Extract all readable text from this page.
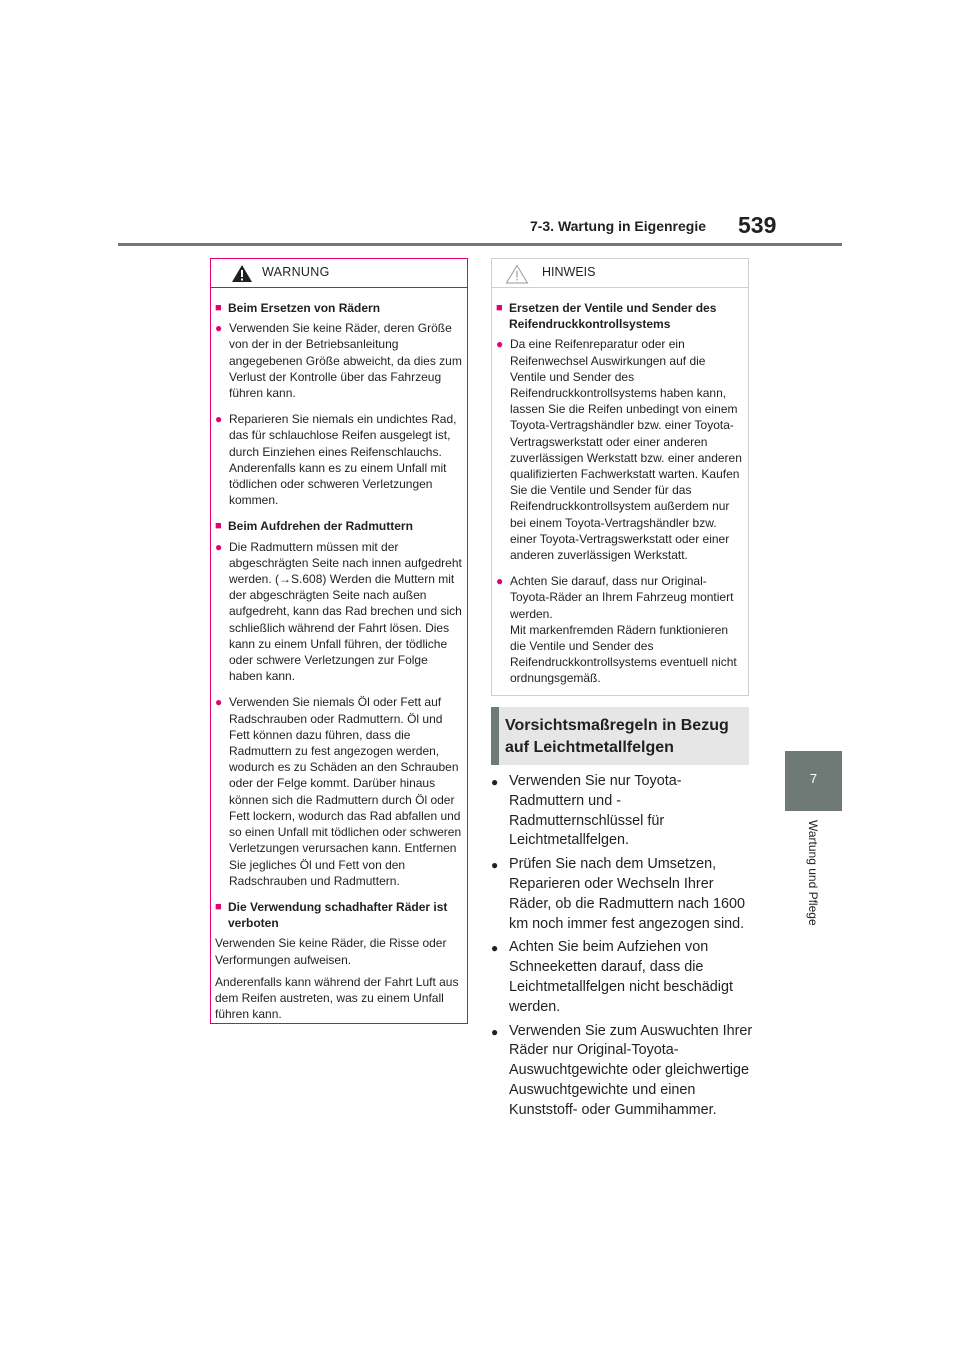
7-3. Wartung in Eigenregie 539
7
Wartung und Pflege
WARNUNG
■ Beim Ersetzen von Rädern
● Verwenden Sie keine Räder, deren Größe von der in der Betriebsanleitung angegebenen Größe abweicht, da dies zum Verlust der Kontrolle über das Fahrzeug führen kann.
● Reparieren Sie niemals ein undichtes Rad, das für schlauchlose Reifen ausgelegt ist, durch Einziehen eines Reifenschlauchs. Anderenfalls kann es zu einem Unfall mit tödlichen oder schweren Verletzungen kommen.
■ Beim Aufdrehen der Radmuttern
● Die Radmuttern müssen mit der abgeschrägten Seite nach innen aufgedreht werden. (→S.608) Werden die Muttern mit der abgeschrägten Seite nach außen aufgedreht, kann das Rad brechen und sich schließlich während der Fahrt lösen. Dies kann zu einem Unfall führen, der tödliche oder schwere Verletzungen zur Folge haben kann.
● Verwenden Sie niemals Öl oder Fett auf Radschrauben oder Radmuttern. Öl und Fett können dazu führen, dass die Radmuttern zu fest angezogen werden, wodurch es zu Schäden an den Schrauben oder der Felge kommt. Darüber hinaus können sich die Radmuttern durch Öl oder Fett lockern, wodurch das Rad abfallen und so einen Unfall mit tödlichen oder schweren Verletzungen verursachen kann. Entfernen Sie jegliches Öl und Fett von den Radschrauben und Radmuttern.
■ Die Verwendung schadhafter Räder ist verboten

Verwenden Sie keine Räder, die Risse oder Verformungen aufweisen.

Anderenfalls kann während der Fahrt Luft aus dem Reifen austreten, was zu einem Unfall führen kann.

HINWEIS
■ Ersetzen der Ventile und Sender des Reifendruckkontrollsystems
● Da eine Reifenreparatur oder ein Reifenwechsel Auswirkungen auf die Ventile und Sender des Reifendruckkontrollsystems haben kann, lassen Sie die Reifen unbedingt von einem Toyota-Vertragshändler bzw. einer Toyota-Vertragswerkstatt oder einer anderen zuverlässigen Werkstatt bzw. einer anderen qualifizierten Fachwerkstatt warten. Kaufen Sie die Ventile und Sender für das Reifendruckkontrollsystem außerdem nur bei einem Toyota-Vertragshändler bzw. einer Toyota-Vertragswerkstatt oder einer anderen zuverlässigen Werkstatt.
● Achten Sie darauf, dass nur Original-Toyota-Räder an Ihrem Fahrzeug montiert werden.
Mit markenfremden Rädern funktionieren die Ventile und Sender des Reifendruckkontrollsystems eventuell nicht ordnungsgemäß.
Vorsichtsmaßregeln in Bezug auf Leichtmetallfelgen
● Verwenden Sie nur Toyota-Radmuttern und -Radmutternschlüssel für Leichtmetallfelgen.
● Prüfen Sie nach dem Umsetzen, Reparieren oder Wechseln Ihrer Räder, ob die Radmuttern nach 1600 km noch immer fest angezogen sind.
● Achten Sie beim Aufziehen von Schneeketten darauf, dass die Leichtmetallfelgen nicht beschädigt werden.
● Verwenden Sie zum Auswuchten Ihrer Räder nur Original-Toyota-Auswuchtgewichte oder gleichwertige Auswuchtgewichte und einen Kunststoff- oder Gummihammer.
